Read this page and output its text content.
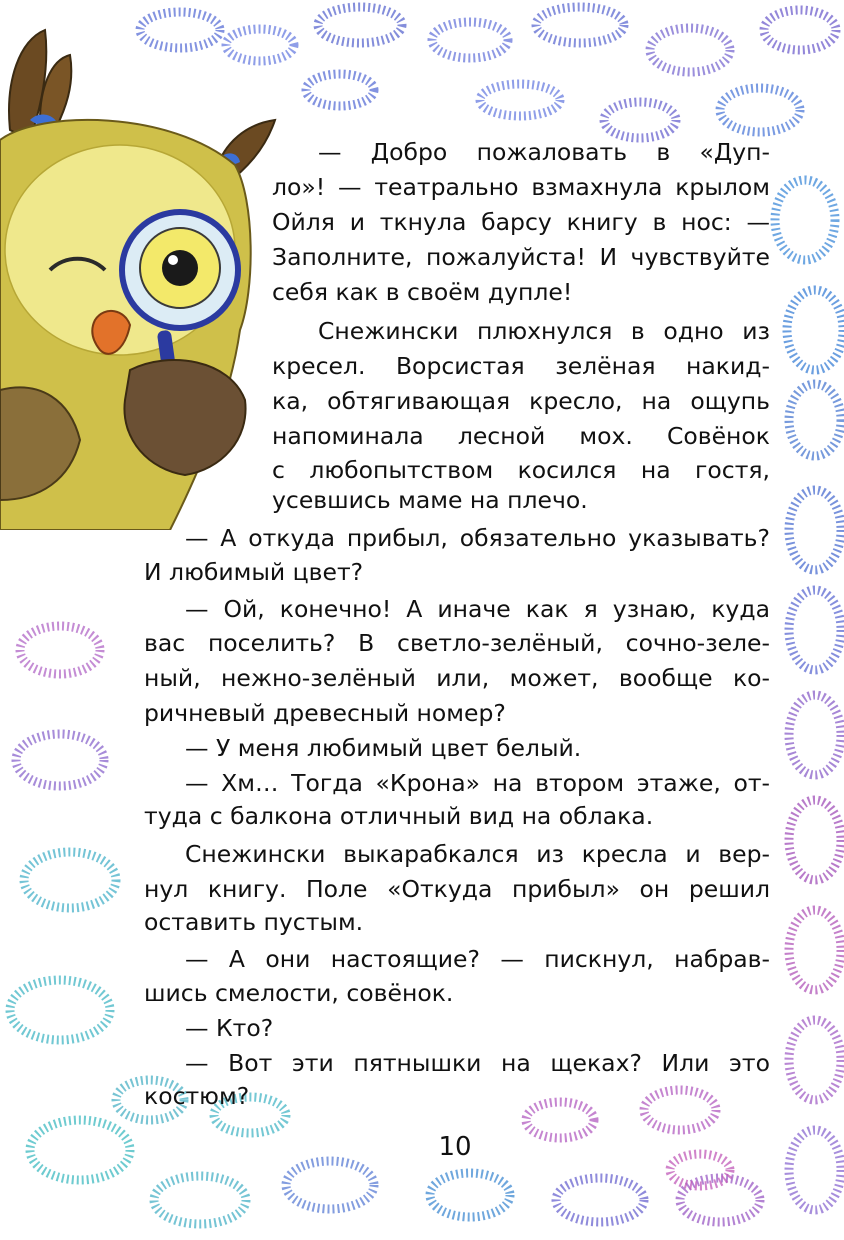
— Добро пожаловать в «Дуп-
ло»! — театрально взмахнула крылом
Ойля и ткнула барсу книгу в нос: —
Заполните, пожалуйста! И чувствуйте
себя как в своём дупле!
Снежински плюхнулся в одно из
кресел. Ворсистая зелёная накид-
ка, обтягивающая кресло, на ощупь
напоминала лесной мох. Совёнок
с любопытством косился на гостя,
усевшись маме на плечо.
— А откуда прибыл, обязательно указывать?
И любимый цвет?
— Ой, конечно! А иначе как я узнаю, куда
вас поселить? В светло-зелёный, сочно-зеле-
ный, нежно-зелёный или, может, вообще ко-
ричневый древесный номер?
— У меня любимый цвет белый.
— Хм… Тогда «Крона» на втором этаже, от-
туда с балкона отличный вид на облака.
Снежински выкарабкался из кресла и вер-
нул книгу. Поле «Откуда прибыл» он решил
оставить пустым.
— А они настоящие? — пискнул, набрав-
шись смелости, совёнок.
— Кто?
— Вот эти пятнышки на щеках? Или это
костюм?
10
